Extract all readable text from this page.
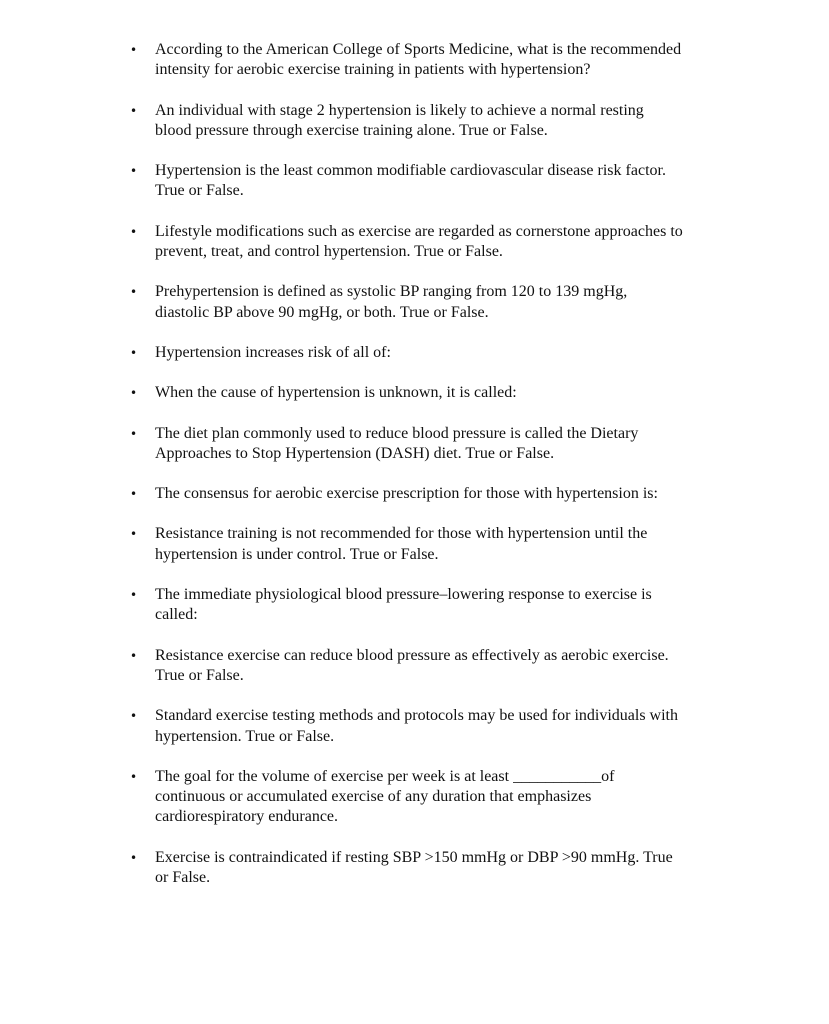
• According to the American College of Sports Medicine, what is the recommended
intensity for aerobic exercise training in patients with hypertension?
• An individual with stage 2 hypertension is likely to achieve a normal resting
blood pressure through exercise training alone. True or False.
• Hypertension is the least common modifiable cardiovascular disease risk factor.
True or False.
• Lifestyle modifications such as exercise are regarded as cornerstone approaches to
prevent, treat, and control hypertension. True or False.
• Prehypertension is defined as systolic BP ranging from 120 to 139 mgHg,
diastolic BP above 90 mgHg, or both. True or False.
• Hypertension increases risk of all of:
• When the cause of hypertension is unknown, it is called:
• The diet plan commonly used to reduce blood pressure is called the Dietary
Approaches to Stop Hypertension (DASH) diet. True or False.
• The consensus for aerobic exercise prescription for those with hypertension is:
• Resistance training is not recommended for those with hypertension until the
hypertension is under control. True or False.
• The immediate physiological blood pressure–lowering response to exercise is
called:
• Resistance exercise can reduce blood pressure as effectively as aerobic exercise.
True or False.
• Standard exercise testing methods and protocols may be used for individuals with
hypertension. True or False.
• The goal for the volume of exercise per week is at least ___________of
continuous or accumulated exercise of any duration that emphasizes
cardiorespiratory endurance.
• Exercise is contraindicated if resting SBP >150 mmHg or DBP >90 mmHg. True
or False.
